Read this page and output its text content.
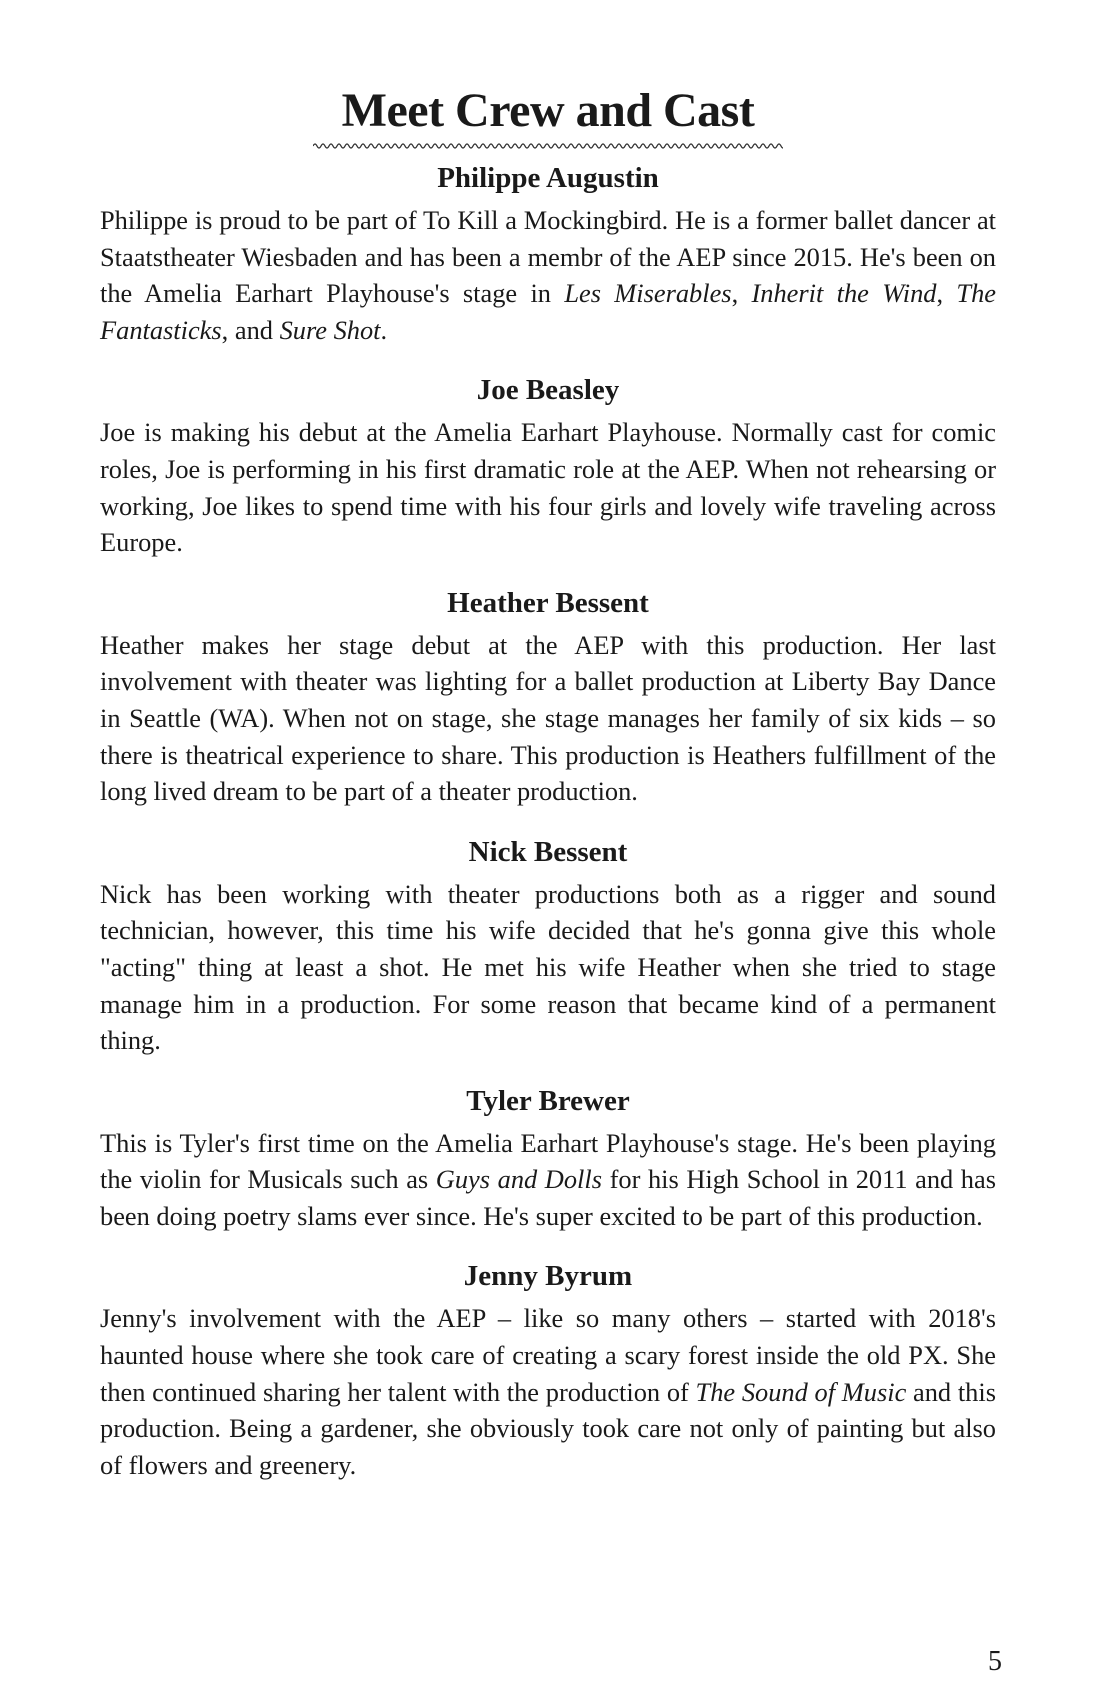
Meet Crew and Cast
Philippe Augustin

Philippe is proud to be part of To Kill a Mockingbird. He is a former ballet dancer at Staatstheater Wiesbaden and has been a membr of the AEP since 2015. He's been on the Amelia Earhart Playhouse's stage in Les Miserables, Inherit the Wind, The Fantasticks, and Sure Shot.

Joe Beasley

Joe is making his debut at the Amelia Earhart Playhouse. Normally cast for comic roles, Joe is performing in his first dramatic role at the AEP. When not rehearsing or working, Joe likes to spend time with his four girls and lovely wife traveling across Europe.

Heather Bessent

Heather makes her stage debut at the AEP with this production. Her last involvement with theater was lighting for a ballet production at Liberty Bay Dance in Seattle (WA). When not on stage, she stage manages her family of six kids – so there is theatrical experience to share. This production is Heathers fulfillment of the long lived dream to be part of a theater production.

Nick Bessent

Nick has been working with theater productions both as a rigger and sound technician, however, this time his wife decided that he's gonna give this whole "acting" thing at least a shot. He met his wife Heather when she tried to stage manage him in a production. For some reason that became kind of a permanent thing.

Tyler Brewer

This is Tyler's first time on the Amelia Earhart Playhouse's stage. He's been playing the violin for Musicals such as Guys and Dolls for his High School in 2011 and has been doing poetry slams ever since. He's super excited to be part of this production.

Jenny Byrum

Jenny's involvement with the AEP – like so many others – started with 2018's haunted house where she took care of creating a scary forest inside the old PX. She then continued sharing her talent with the production of The Sound of Music and this production. Being a gardener, she obviously took care not only of painting but also of flowers and greenery.

5
